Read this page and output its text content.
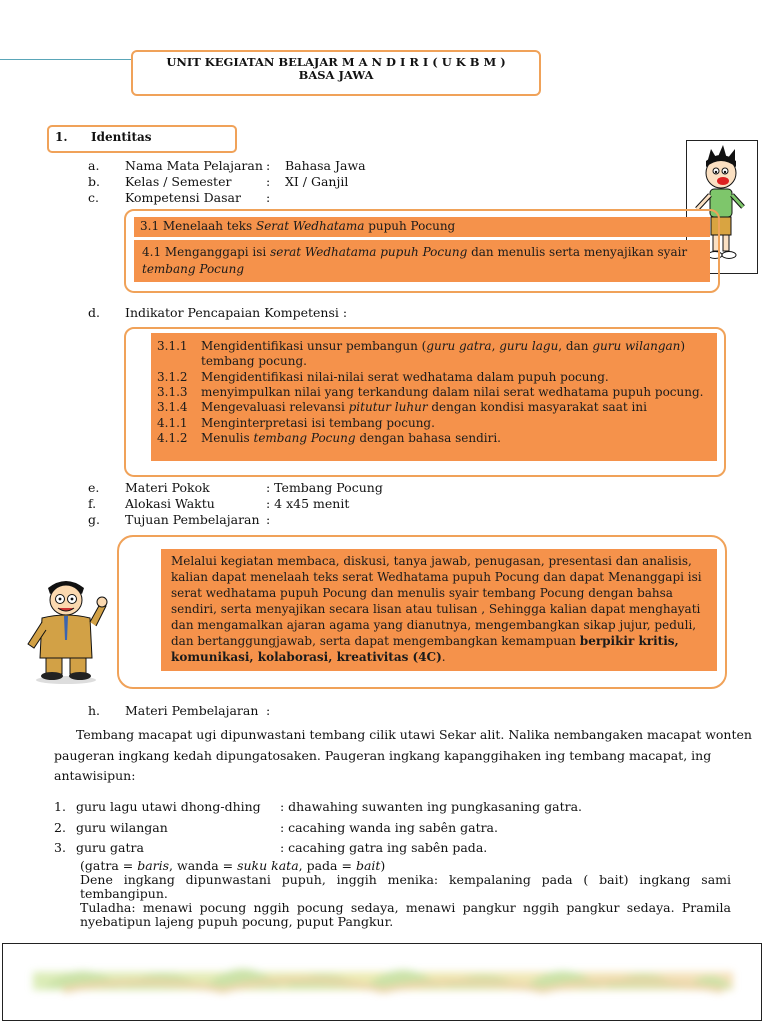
UNIT KEGIATAN BELAJAR M A N D I R I ( U K B M )
BASA JAWA
1. Identitas
a. Nama Mata Pelajaran : Bahasa Jawa
b. Kelas / Semester	: XI / Ganjil
c. Kompetensi Dasar :
3.1 Menelaah teks Serat Wedhatama pupuh Pocung
4.1 Menganggapi isi serat Wedhatama pupuh Pocung dan menulis serta menyajikan syair
tembang Pocung
d. Indikator Pencapaian Kompetensi :
3.1.1 Mengidentifikasi unsur pembangun (guru gatra, guru lagu, dan guru wilangan)
tembang pocung.
3.1.2 Mengidentifikasi nilai-nilai serat wedhatama dalam pupuh pocung.
3.1.3 menyimpulkan nilai yang terkandung dalam nilai serat wedhatama pupuh pocung.
3.1.4 Mengevaluasi relevansi pitutur luhur dengan kondisi masyarakat saat ini
4.1.1 Menginterpretasi isi tembang pocung.
4.1.2 Menulis tembang Pocung dengan bahasa sendiri.
e. Materi Pokok	: Tembang Pocung
f. Alokasi Waktu	: 4 x45 menit
g. Tujuan Pembelajaran :
Melalui kegiatan membaca, diskusi, tanya jawab, penugasan, presentasi dan analisis,
kalian dapat menelaah teks serat Wedhatama pupuh Pocung dan dapat Menanggapi isi
serat wedhatama pupuh Pocung dan menulis syair tembang Pocung dengan bahsa
sendiri, serta menyajikan secara lisan atau tulisan , Sehingga kalian dapat menghayati
dan mengamalkan ajaran agama yang dianutnya, mengembangkan sikap jujur, peduli,
dan bertanggungjawab, serta dapat mengembangkan kemampuan berpikir kritis,
komunikasi, kolaborasi, kreativitas (4C).
h. Materi Pembelajaran :
Tembang macapat ugi dipunwastani tembang cilik utawi Sekar alit. Nalika nembangaken macapat wonten
paugeran ingkang kedah dipungatosaken. Paugeran ingkang kapanggihaken ing tembang macapat, ing
antawisipun:
1. guru lagu utawi dhong-dhing : dhawahing suwanten ing pungkasaning gatra.
2. guru wilangan	: cacahing wanda ing sabên gatra.
3. guru gatra	: cacahing gatra ing sabên pada.
(gatra = baris, wanda = suku kata, pada = bait)
Dene ingkang dipunwastani pupuh, inggih menika: kempalaning pada ( bait) ingkang sami tembangipun.
Tuladha: menawi pocung nggih pocung sedaya, menawi pangkur nggih pangkur sedaya. Pramila
nyebatipun lajeng pupuh pocung, puput Pangkur.
